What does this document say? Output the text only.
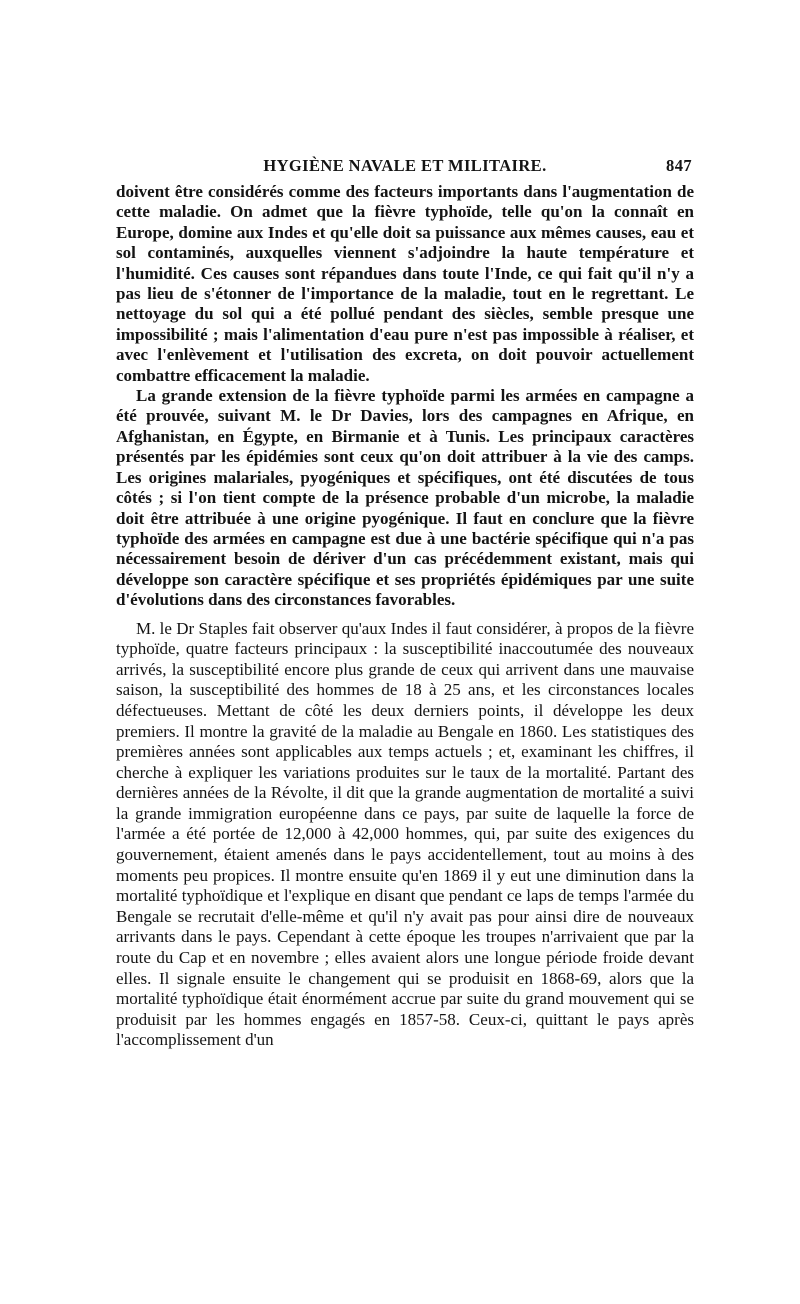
HYGIÈNE NAVALE ET MILITAIRE.	847

doivent être considérés comme des facteurs importants dans l'augmentation de cette maladie. On admet que la fièvre typhoïde, telle qu'on la connaît en Europe, domine aux Indes et qu'elle doit sa puissance aux mêmes causes, eau et sol contaminés, auxquelles viennent s'adjoindre la haute température et l'humidité. Ces causes sont répandues dans toute l'Inde, ce qui fait qu'il n'y a pas lieu de s'étonner de l'importance de la maladie, tout en le regrettant. Le nettoyage du sol qui a été pollué pendant des siècles, semble presque une impossibilité ; mais l'alimentation d'eau pure n'est pas impossible à réaliser, et avec l'enlèvement et l'utilisation des excreta, on doit pouvoir actuellement combattre efficacement la maladie.

La grande extension de la fièvre typhoïde parmi les armées en campagne a été prouvée, suivant M. le Dr Davies, lors des campagnes en Afrique, en Afghanistan, en Égypte, en Birmanie et à Tunis. Les principaux caractères présentés par les épidémies sont ceux qu'on doit attribuer à la vie des camps. Les origines malariales, pyogéniques et spécifiques, ont été discutées de tous côtés ; si l'on tient compte de la présence probable d'un microbe, la maladie doit être attribuée à une origine pyogénique. Il faut en conclure que la fièvre typhoïde des armées en campagne est due à une bactérie spécifique qui n'a pas nécessairement besoin de dériver d'un cas précédemment existant, mais qui développe son caractère spécifique et ses propriétés épidémiques par une suite d'évolutions dans des circonstances favorables.

M. le Dr Staples fait observer qu'aux Indes il faut considérer, à propos de la fièvre typhoïde, quatre facteurs principaux : la susceptibilité inaccoutumée des nouveaux arrivés, la susceptibilité encore plus grande de ceux qui arrivent dans une mauvaise saison, la susceptibilité des hommes de 18 à 25 ans, et les circonstances locales défectueuses. Mettant de côté les deux derniers points, il développe les deux premiers. Il montre la gravité de la maladie au Bengale en 1860. Les statistiques des premières années sont applicables aux temps actuels ; et, examinant les chiffres, il cherche à expliquer les variations produites sur le taux de la mortalité. Partant des dernières années de la Révolte, il dit que la grande augmentation de mortalité a suivi la grande immigration européenne dans ce pays, par suite de laquelle la force de l'armée a été portée de 12,000 à 42,000 hommes, qui, par suite des exigences du gouvernement, étaient amenés dans le pays accidentellement, tout au moins à des moments peu propices. Il montre ensuite qu'en 1869 il y eut une diminution dans la mortalité typhoïdique et l'explique en disant que pendant ce laps de temps l'armée du Bengale se recrutait d'elle-même et qu'il n'y avait pas pour ainsi dire de nouveaux arrivants dans le pays. Cependant à cette époque les troupes n'arrivaient que par la route du Cap et en novembre ; elles avaient alors une longue période froide devant elles. Il signale ensuite le changement qui se produisit en 1868-69, alors que la mortalité typhoïdique était énormément accrue par suite du grand mouvement qui se produisit par les hommes engagés en 1857-58. Ceux-ci, quittant le pays après l'accomplissement d'un
